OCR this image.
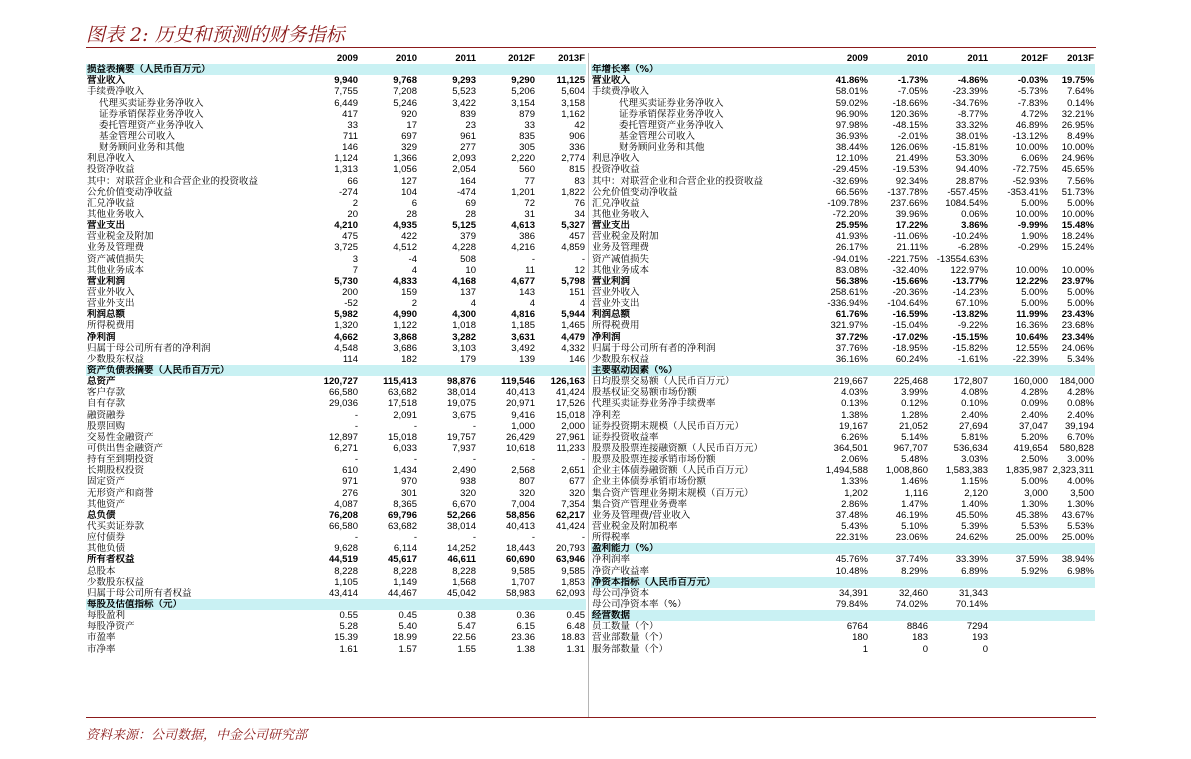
图表 2: 历史和预测的财务指标
	2009	2010	2011	2012F	2013F
损益表摘要（人民币百万元）					
营业收入	9,940	9,768	9,293	9,290	11,125
手续费净收入	7,755	7,208	5,523	5,206	5,604
代理买卖证券业务净收入	6,449	5,246	3,422	3,154	3,158
证券承销保荐业务净收入	417	920	839	879	1,162
委托管理资产业务净收入	33	17	23	33	42
基金管理公司收入	711	697	961	835	906
财务顾问业务和其他	146	329	277	305	336
利息净收入	1,124	1,366	2,093	2,220	2,774
投资净收益	1,313	1,056	2,054	560	815
其中：对联营企业和合营企业的投资收益	66	127	164	77	83
公允价值变动净收益	-274	104	-474	1,201	1,822
汇兑净收益	2	6	69	72	76
其他业务收入	20	28	28	31	34
营业支出	4,210	4,935	5,125	4,613	5,327
营业税金及附加	475	422	379	386	457
业务及管理费	3,725	4,512	4,228	4,216	4,859
资产减值损失	3	-4	508	-	-
其他业务成本	7	4	10	11	12
营业利润	5,730	4,833	4,168	4,677	5,798
营业外收入	200	159	137	143	151
营业外支出	-52	2	4	4	4
利润总额	5,982	4,990	4,300	4,816	5,944
所得税费用	1,320	1,122	1,018	1,185	1,465
净利润	4,662	3,868	3,282	3,631	4,479
归属于母公司所有者的净利润	4,548	3,686	3,103	3,492	4,332
少数股东权益	114	182	179	139	146
资产负债表摘要（人民币百万元）					
总资产	120,727	115,413	98,876	119,546	126,163
客户存款	66,580	63,682	38,014	40,413	41,424
自有存款	29,036	17,518	19,075	20,971	17,526
融资融券	-	2,091	3,675	9,416	15,018
股票回购	-	-	-	1,000	2,000
交易性金融资产	12,897	15,018	19,757	26,429	27,961
可供出售金融资产	6,271	6,033	7,937	10,618	11,233
持有至到期投资	-	-	-	-	-
长期股权投资	610	1,434	2,490	2,568	2,651
固定资产	971	970	938	807	677
无形资产和商誉	276	301	320	320	320
其他资产	4,087	8,365	6,670	7,004	7,354
总负债	76,208	69,796	52,266	58,856	62,217
代买卖证券款	66,580	63,682	38,014	40,413	41,424
应付债券	-	-	-	-	-
其他负债	9,628	6,114	14,252	18,443	20,793
所有者权益	44,519	45,617	46,611	60,690	63,946
总股本	8,228	8,228	8,228	9,585	9,585
少数股东权益	1,105	1,149	1,568	1,707	1,853
归属于母公司所有者权益	43,414	44,467	45,042	58,983	62,093
每股及估值指标（元）					
每股盈利	0.55	0.45	0.38	0.36	0.45
每股净资产	5.28	5.40	5.47	6.15	6.48
市盈率	15.39	18.99	22.56	23.36	18.83
市净率	1.61	1.57	1.55	1.38	1.31
	2009	2010	2011	2012F	2013F
年增长率（%）					
营业收入	41.86%	-1.73%	-4.86%	-0.03%	19.75%
手续费净收入	58.01%	-7.05%	-23.39%	-5.73%	7.64%
代理买卖证券业务净收入	59.02%	-18.66%	-34.76%	-7.83%	0.14%
证券承销保荐业务净收入	96.90%	120.36%	-8.77%	4.72%	32.21%
委托管理资产业务净收入	97.98%	-48.15%	33.32%	46.89%	26.95%
基金管理公司收入	36.93%	-2.01%	38.01%	-13.12%	8.49%
财务顾问业务和其他	38.44%	126.06%	-15.81%	10.00%	10.00%
利息净收入	12.10%	21.49%	53.30%	6.06%	24.96%
投资净收益	-29.45%	-19.53%	94.40%	-72.75%	45.65%
其中：对联营企业和合营企业的投资收益	-32.69%	92.34%	28.87%	-52.93%	7.56%
公允价值变动净收益	66.56%	-137.78%	-557.45%	-353.41%	51.73%
汇兑净收益	-109.78%	237.66%	1084.54%	5.00%	5.00%
其他业务收入	-72.20%	39.96%	0.06%	10.00%	10.00%
营业支出	25.95%	17.22%	3.86%	-9.99%	15.48%
营业税金及附加	41.93%	-11.06%	-10.24%	1.90%	18.24%
业务及管理费	26.17%	21.11%	-6.28%	-0.29%	15.24%
资产减值损失	-94.01%	-221.75%	-13554.63%		
其他业务成本	83.08%	-32.40%	122.97%	10.00%	10.00%
营业利润	56.38%	-15.66%	-13.77%	12.22%	23.97%
营业外收入	258.61%	-20.36%	-14.23%	5.00%	5.00%
营业外支出	-336.94%	-104.64%	67.10%	5.00%	5.00%
利润总额	61.76%	-16.59%	-13.82%	11.99%	23.43%
所得税费用	321.97%	-15.04%	-9.22%	16.36%	23.68%
净利润	37.72%	-17.02%	-15.15%	10.64%	23.34%
归属于母公司所有者的净利润	37.76%	-18.95%	-15.82%	12.55%	24.06%
少数股东权益	36.16%	60.24%	-1.61%	-22.39%	5.34%
主要驱动因素（%）					
日均股票交易额（人民币百万元）	219,667	225,468	172,807	160,000	184,000
股基权证交易额市场份额	4.03%	3.99%	4.08%	4.28%	4.28%
代理买卖证券业务净手续费率	0.13%	0.12%	0.10%	0.09%	0.08%
净利差	1.38%	1.28%	2.40%	2.40%	2.40%
证券投资期末规模（人民币百万元）	19,167	21,052	27,694	37,047	39,194
证券投资收益率	6.26%	5.14%	5.81%	5.20%	6.70%
股票及股票连接融资额（人民币百万元）	364,501	967,707	536,634	419,654	580,828
股票及股票连接承销市场份额	2.06%	5.48%	3.03%	2.50%	3.00%
企业主体债券融资额（人民币百万元）	1,494,588	1,008,860	1,583,383	1,835,987	2,323,311
企业主体债券承销市场份额	1.33%	1.46%	1.15%	5.00%	4.00%
集合资产管理业务期末规模（百万元）	1,202	1,116	2,120	3,000	3,500
集合资产管理业务费率	2.86%	1.47%	1.40%	1.30%	1.30%
业务及管理费/营业收入	37.48%	46.19%	45.50%	45.38%	43.67%
营业税金及附加税率	5.43%	5.10%	5.39%	5.53%	5.53%
所得税率	22.31%	23.06%	24.62%	25.00%	25.00%
盈利能力（%）					
净利润率	45.76%	37.74%	33.39%	37.59%	38.94%
净资产收益率	10.48%	8.29%	6.89%	5.92%	6.98%
净资本指标（人民币百万元）					
母公司净资本	34,391	32,460	31,343		
母公司净资本率（%）	79.84%	74.02%	70.14%		
经营数据					
员工数量（个）	6764	8846	7294		
营业部数量（个）	180	183	193		
服务部数量（个）	1	0	0		
资料来源：公司数据，中金公司研究部
